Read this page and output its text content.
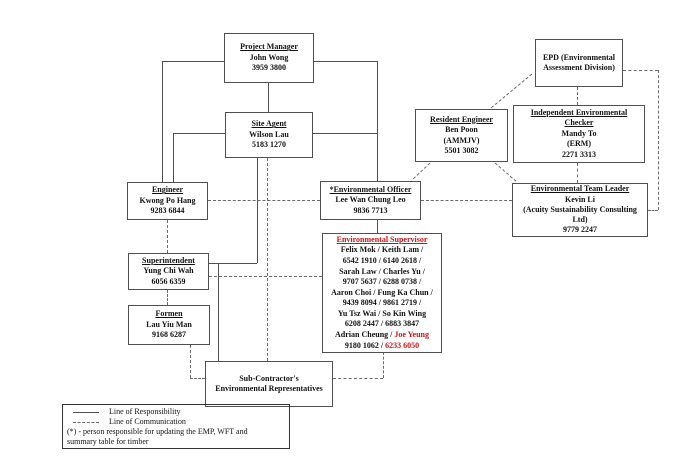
Project Manager
John Wong
3959 3800
Site Agent
Wilson Lau
5183 1270
Engineer
Kwong Po Hang
9283 6844
Superintendent
Yung Chi Wah
6056 6359
Formen
Lau Yiu Man
9168 6287
Sub-Contractor's
Environmental Representatives
*Environmental Officer
Lee Wan Chung Leo
9836 7713
Environmental Supervisor
Felix Mok / Keith Lam /
6542 1910 / 6140 2618 /
Sarah Law / Charles Yu /
9707 5637 / 6288 0738 /
Aaron Choi / Fung Ka Chun /
9439 8094 / 9861 2719 /
Yu Tsz Wai / So Kin Wing
6208 2447 / 6883 3847
Adrian Cheung / Joe Yeung
9180 1062 / 6233 6050
Resident Engineer
Ben Poon
(AMMJV)
5501 3082
EPD (Environmental
Assessment Division)
Independent Environmental
Checker
Mandy To
(ERM)
2271 3313
Environmental Team Leader
Kevin Li
(Acuity Sustainability Consulting
Ltd)
9779 2247
Line of Responsibility
Line of Communication
(*) - person responsible for updating the EMP, WFT and
summary table for timber
